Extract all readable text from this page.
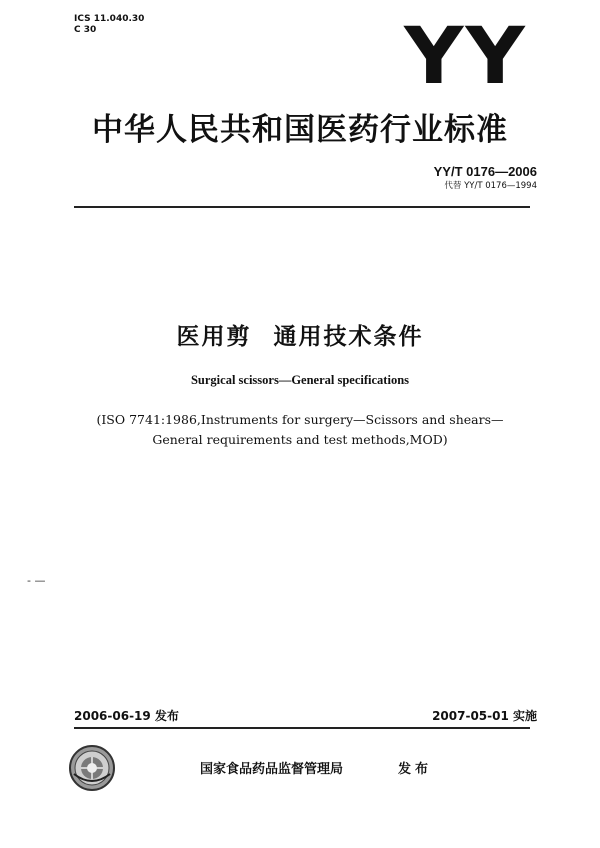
ICS 11.040.30
C 30	YY
中华人民共和国医药行业标准
YY/T 0176—2006
代替 YY/T 0176—1994
医用剪 通用技术条件
Surgical scissors—General specifications
(ISO 7741:1986,Instruments for surgery—Scissors and shears—
General requirements and test methods,MOD)
- —
2006-06-19 发布	2007-05-01 实施
国家食品药品监督管理局	发布
